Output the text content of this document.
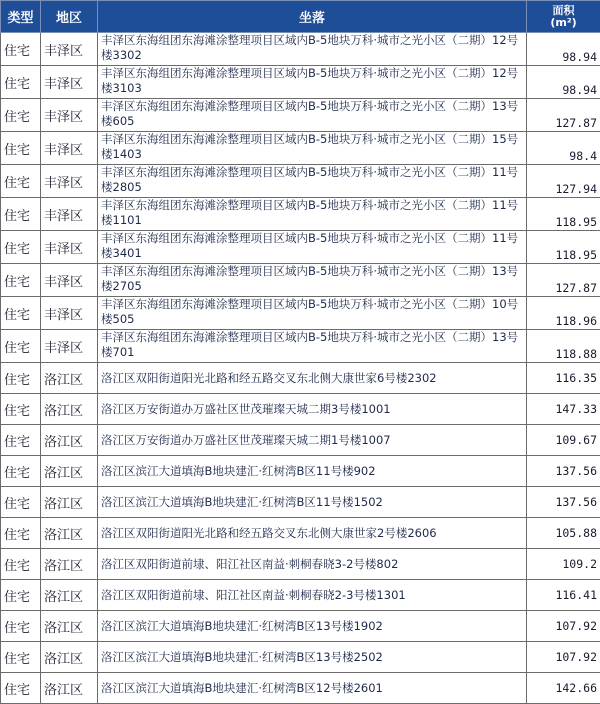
类型	地区	坐落	面积
(m²)
住宅	丰泽区	丰泽区东海组团东海滩涂整理项目区域内B-5地块万科·城市之光小区（二期）12号楼3302	98.94
住宅	丰泽区	丰泽区东海组团东海滩涂整理项目区域内B-5地块万科·城市之光小区（二期）12号楼3103	98.94
住宅	丰泽区	丰泽区东海组团东海滩涂整理项目区域内B-5地块万科·城市之光小区（二期）13号楼605	127.87
住宅	丰泽区	丰泽区东海组团东海滩涂整理项目区域内B-5地块万科·城市之光小区（二期）15号楼1403	98.4
住宅	丰泽区	丰泽区东海组团东海滩涂整理项目区域内B-5地块万科·城市之光小区（二期）11号楼2805	127.94
住宅	丰泽区	丰泽区东海组团东海滩涂整理项目区域内B-5地块万科·城市之光小区（二期）11号楼1101	118.95
住宅	丰泽区	丰泽区东海组团东海滩涂整理项目区域内B-5地块万科·城市之光小区（二期）11号楼3401	118.95
住宅	丰泽区	丰泽区东海组团东海滩涂整理项目区域内B-5地块万科·城市之光小区（二期）13号楼2705	127.87
住宅	丰泽区	丰泽区东海组团东海滩涂整理项目区域内B-5地块万科·城市之光小区（二期）10号楼505	118.96
住宅	丰泽区	丰泽区东海组团东海滩涂整理项目区域内B-5地块万科·城市之光小区（二期）13号楼701	118.88
住宅	洛江区	洛江区双阳街道阳光北路和经五路交叉东北侧大康世家6号楼2302	116.35
住宅	洛江区	洛江区万安街道办万盛社区世茂璀璨天城二期3号楼1001	147.33
住宅	洛江区	洛江区万安街道办万盛社区世茂璀璨天城二期1号楼1007	109.67
住宅	洛江区	洛江区滨江大道填海B地块建汇·红树湾B区11号楼902	137.56
住宅	洛江区	洛江区滨江大道填海B地块建汇·红树湾B区11号楼1502	137.56
住宅	洛江区	洛江区双阳街道阳光北路和经五路交叉东北侧大康世家2号楼2606	105.88
住宅	洛江区	洛江区双阳街道前埭、阳江社区南益·刺桐春晓3-2号楼802	109.2
住宅	洛江区	洛江区双阳街道前埭、阳江社区南益·刺桐春晓2-3号楼1301	116.41
住宅	洛江区	洛江区滨江大道填海B地块建汇·红树湾B区13号楼1902	107.92
住宅	洛江区	洛江区滨江大道填海B地块建汇·红树湾B区13号楼2502	107.92
住宅	洛江区	洛江区滨江大道填海B地块建汇·红树湾B区12号楼2601	142.66
